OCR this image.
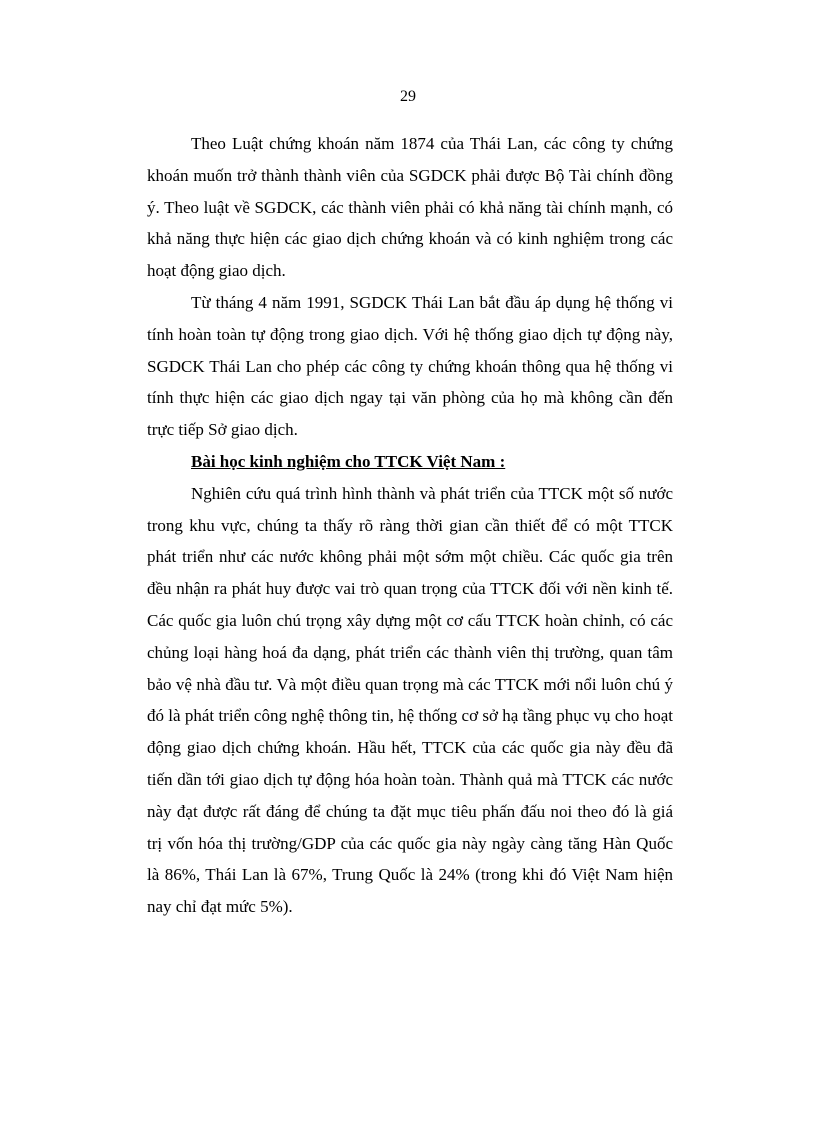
29

Theo Luật chứng khoán năm 1874 của Thái Lan, các công ty chứng khoán muốn trở thành thành viên của SGDCK phải được Bộ Tài chính đồng ý. Theo luật về SGDCK, các thành viên phải có khả năng tài chính mạnh, có khả năng thực hiện các giao dịch chứng khoán và có kinh nghiệm trong các hoạt động giao dịch.

Từ tháng 4 năm 1991, SGDCK Thái Lan bắt đầu áp dụng hệ thống vi tính hoàn toàn tự động trong giao dịch. Với hệ thống giao dịch tự động này, SGDCK Thái Lan cho phép các công ty chứng khoán thông qua hệ thống vi tính thực hiện các giao dịch ngay tại văn phòng của họ mà không cần đến trực tiếp Sở giao dịch.

Bài học kinh nghiệm cho TTCK Việt Nam :

Nghiên cứu quá trình hình thành và phát triển của TTCK một số nước trong khu vực, chúng ta thấy rõ ràng thời gian cần thiết để có một TTCK phát triển như các nước không phải một sớm một chiều. Các quốc gia trên đều nhận ra phát huy được vai trò quan trọng của TTCK đối với nền kinh tế. Các quốc gia luôn chú trọng xây dựng một cơ cấu TTCK hoàn chỉnh, có các chủng loại hàng hoá đa dạng, phát triển các thành viên thị trường, quan tâm bảo vệ nhà đầu tư. Và một điều quan trọng mà các TTCK mới nổi luôn chú ý đó là phát triển công nghệ thông tin, hệ thống cơ sở hạ tầng phục vụ cho hoạt động giao dịch chứng khoán. Hầu hết, TTCK của các quốc gia này đều đã tiến dần tới giao dịch tự động hóa hoàn toàn. Thành quả mà TTCK các nước này đạt được rất đáng để chúng ta đặt mục tiêu phấn đấu noi theo đó là giá trị vốn hóa thị trường/GDP của các quốc gia này ngày càng tăng Hàn Quốc là 86%, Thái Lan là 67%, Trung Quốc là 24% (trong khi đó Việt Nam hiện nay chỉ đạt mức 5%).
